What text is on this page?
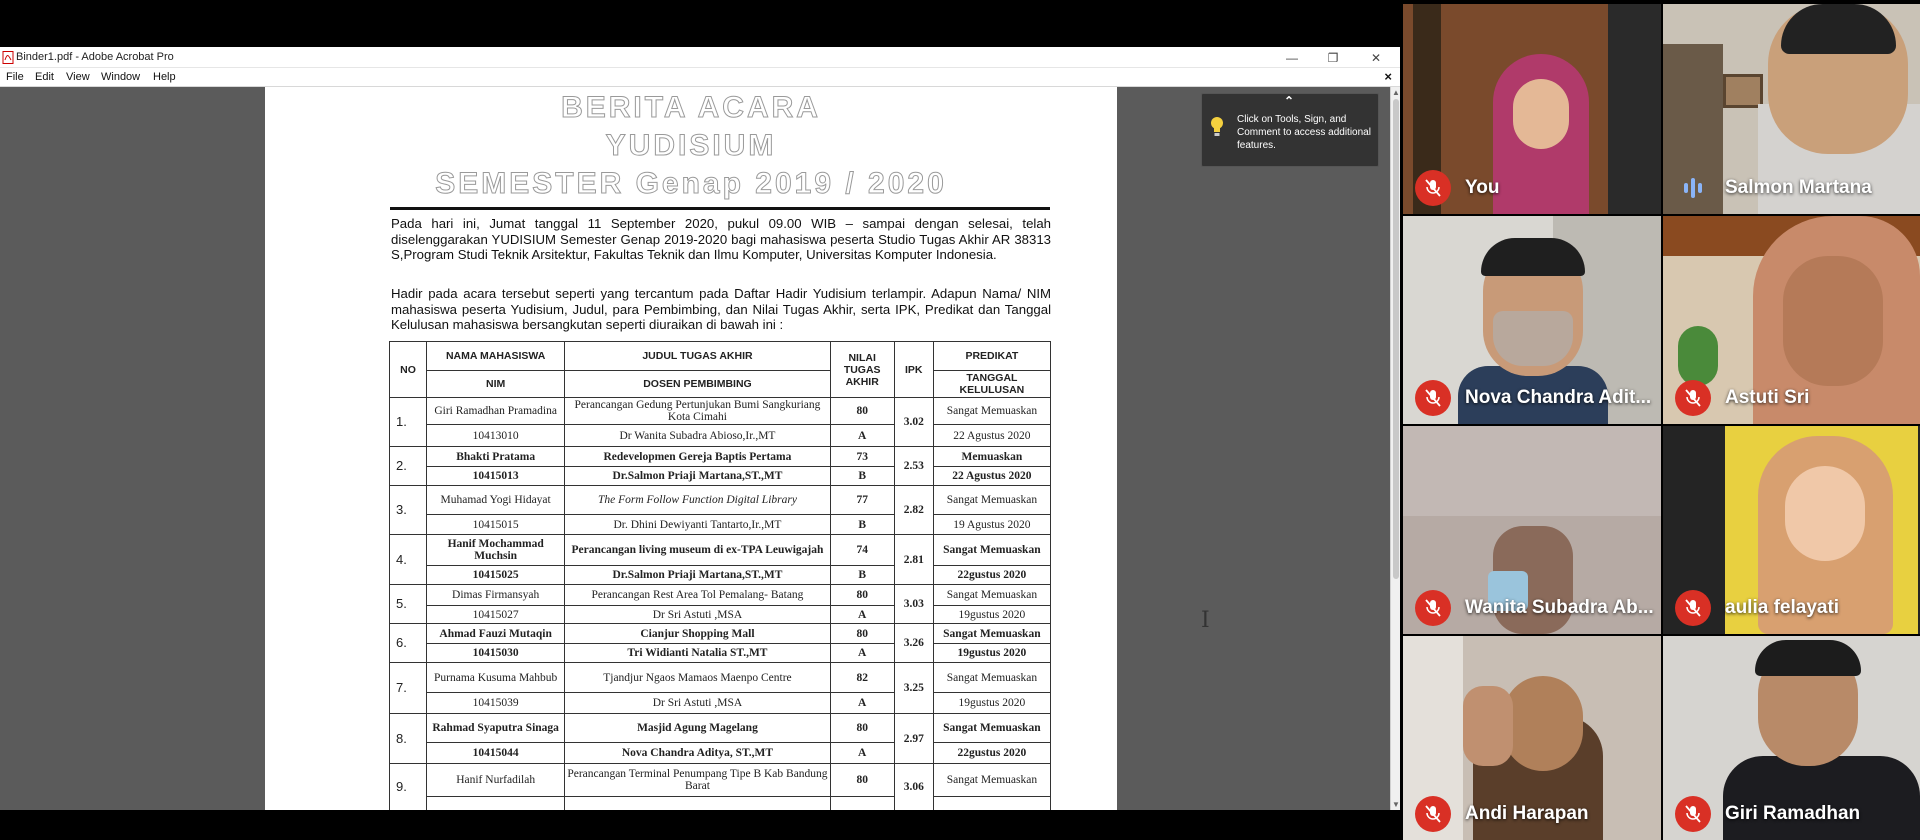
Binder1.pdf - Adobe Acrobat Pro	—	❐	✕
File Edit View Window Help	×
BERITA ACARA
YUDISIUM
SEMESTER Genap 2019 / 2020
Pada hari ini, Jumat tanggal 11 September 2020, pukul 09.00 WIB – sampai dengan selesai, telah diselenggarakan YUDISIUM Semester Genap 2019-2020 bagi mahasiswa peserta Studio Tugas Akhir AR 38313 S,Program Studi Teknik Arsitektur, Fakultas Teknik dan Ilmu Komputer, Universitas Komputer Indonesia.
Hadir pada acara tersebut seperti yang tercantum pada Daftar Hadir Yudisium terlampir. Adapun Nama/ NIM mahasiswa peserta Yudisium, Judul, para Pembimbing, dan Nilai Tugas Akhir, serta IPK, Predikat dan Tanggal Kelulusan mahasiswa bersangkutan seperti diuraikan di bawah ini :
NO	NAMA MAHASISWA	JUDUL TUGAS AKHIR	NILAI TUGAS AKHIR	IPK	PREDIKAT
	NIM	DOSEN PEMBIMBING			TANGGAL KELULUSAN
1.	Giri Ramadhan Pramadina	Perancangan Gedung Pertunjukan Bumi Sangkuriang Kota Cimahi	80	3.02	Sangat Memuaskan
	10413010	Dr Wanita Subadra Abioso,Ir.,MT	A		22 Agustus 2020
2.	Bhakti Pratama	Redevelopmen Gereja Baptis Pertama	73	2.53	Memuaskan
	10415013	Dr.Salmon Priaji Martana,ST.,MT	B		22 Agustus 2020
3.	Muhamad Yogi Hidayat	The Form Follow Function Digital Library	77	2.82	Sangat Memuaskan
	10415015	Dr. Dhini Dewiyanti Tantarto,Ir.,MT	B		19 Agustus 2020
4.	Hanif Mochammad Muchsin	Perancangan living museum di ex-TPA Leuwigajah	74	2.81	Sangat Memuaskan
	10415025	Dr.Salmon Priaji Martana,ST.,MT	B		22gustus 2020
5.	Dimas Firmansyah	Perancangan Rest Area Tol Pemalang- Batang	80	3.03	Sangat Memuaskan
	10415027	Dr Sri Astuti ,MSA	A		19gustus 2020
6.	Ahmad Fauzi Mutaqin	Cianjur Shopping Mall	80	3.26	Sangat Memuaskan
	10415030	Tri Widianti Natalia ST.,MT	A		19gustus 2020
7.	Purnama Kusuma Mahbub	Tjandjur Ngaos Mamaos Maenpo Centre	82	3.25	Sangat Memuaskan
	10415039	Dr Sri Astuti ,MSA	A		19gustus 2020
8.	Rahmad Syaputra Sinaga	Masjid Agung Magelang	80	2.97	Sangat Memuaskan
	10415044	Nova Chandra Aditya, ST.,MT	A		22gustus 2020
9.	Hanif Nurfadilah	Perancangan Terminal Penumpang Tipe B Kab Bandung Barat	80	3.06	Sangat Memuaskan

▲
▼
⌃
Click on Tools, Sign, and Comment to access additional features.
I
You	Salmon Martana
Nova Chandra Adit...	Astuti Sri
Wanita Subadra Ab...	aulia felayati
Andi Harapan	Giri Ramadhan
